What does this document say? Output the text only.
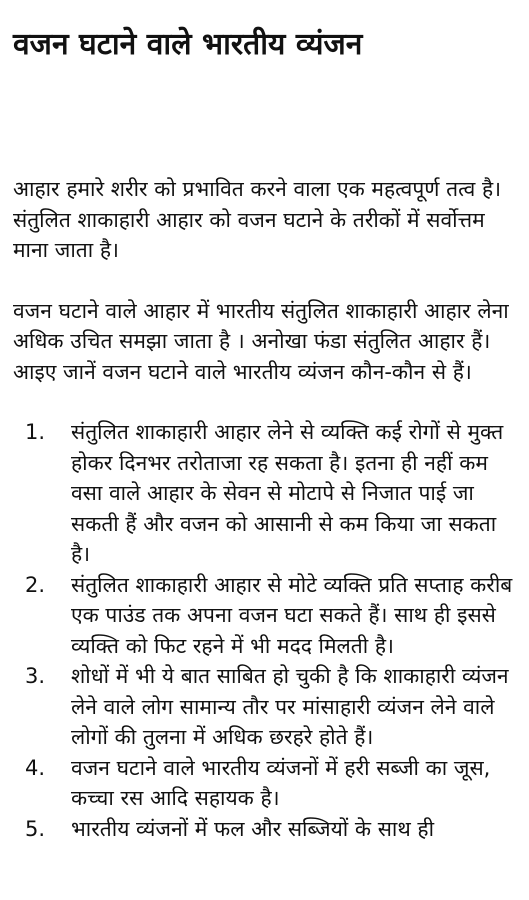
वजन घटाने वाले भारतीय व्यंजन

आहार हमारे शरीर को प्रभावित करने वाला एक महत्वपूर्ण तत्व है। संतुलित शाकाहारी आहार को वजन घटाने के तरीकों में सर्वोत्तम माना जाता है।

वजन घटाने वाले आहार में भारतीय संतुलित शाकाहारी आहार लेना अधिक उचित समझा जाता है । अनोखा फंडा संतुलित आहार हैं। आइए जानें वजन घटाने वाले भारतीय व्यंजन कौन-कौन से हैं।

1.	संतुलित शाकाहारी आहार लेने से व्यक्ति कई रोगों से मुक्त होकर दिनभर तरोताजा रह सकता है। इतना ही नहीं कम वसा वाले आहार के सेवन से मोटापे से निजात पाई जा सकती हैं और वजन को आसानी से कम किया जा सकता है।
2.	संतुलित शाकाहारी आहार से मोटे व्यक्ति प्रति सप्ताह करीब एक पाउंड तक अपना वजन घटा सकते हैं। साथ ही इससे व्यक्ति को फिट रहने में भी मदद मिलती है।
3.	शोधों में भी ये बात साबित हो चुकी है कि शाकाहारी व्यंजन लेने वाले लोग सामान्य तौर पर मांसाहारी व्यंजन लेने वाले लोगों की तुलना में अधिक छरहरे होते हैं।
4.	वजन घटाने वाले भारतीय व्यंजनों में हरी सब्जी का जूस, कच्चा रस आदि सहायक है।
5.	भारतीय व्यंजनों में फल और सब्जियों के साथ ही
